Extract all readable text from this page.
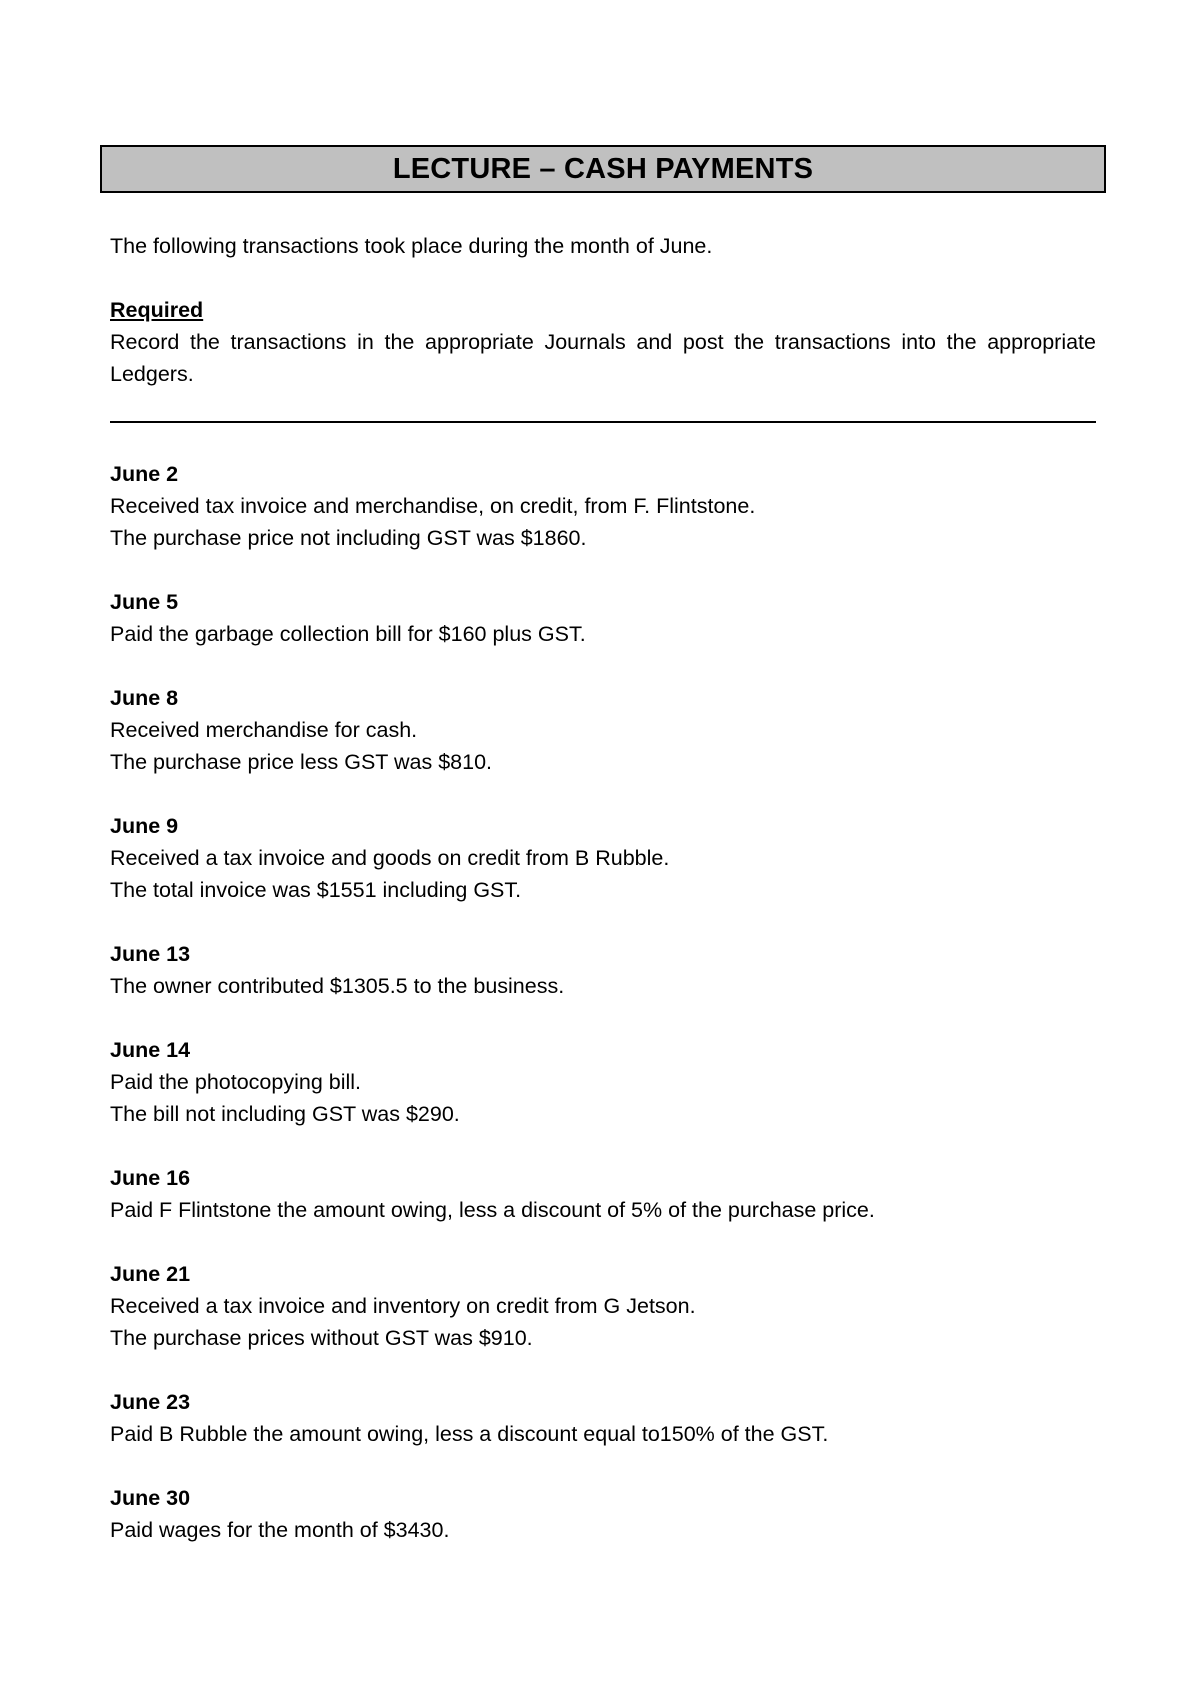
LECTURE – CASH PAYMENTS

The following transactions took place during the month of June.

Required

Record the transactions in the appropriate Journals and post the transactions into the appropriate Ledgers.

June 2

Received tax invoice and merchandise, on credit, from F. Flintstone.

The purchase price not including GST was $1860.

June 5

Paid the garbage collection bill for $160 plus GST.

June 8

Received merchandise for cash.

The purchase price less GST was $810.

June 9

Received a tax invoice and goods on credit from B Rubble.

The total invoice was $1551 including GST.

June 13

The owner contributed $1305.5 to the business.

June 14

Paid the photocopying bill.

The bill not including GST was $290.

June 16

Paid F Flintstone the amount owing, less a discount of 5% of the purchase price.

June 21

Received a tax invoice and inventory on credit from G Jetson.

The purchase prices without GST was $910.

June 23

Paid B Rubble the amount owing, less a discount equal to150% of the GST.

June 30

Paid wages for the month of $3430.
